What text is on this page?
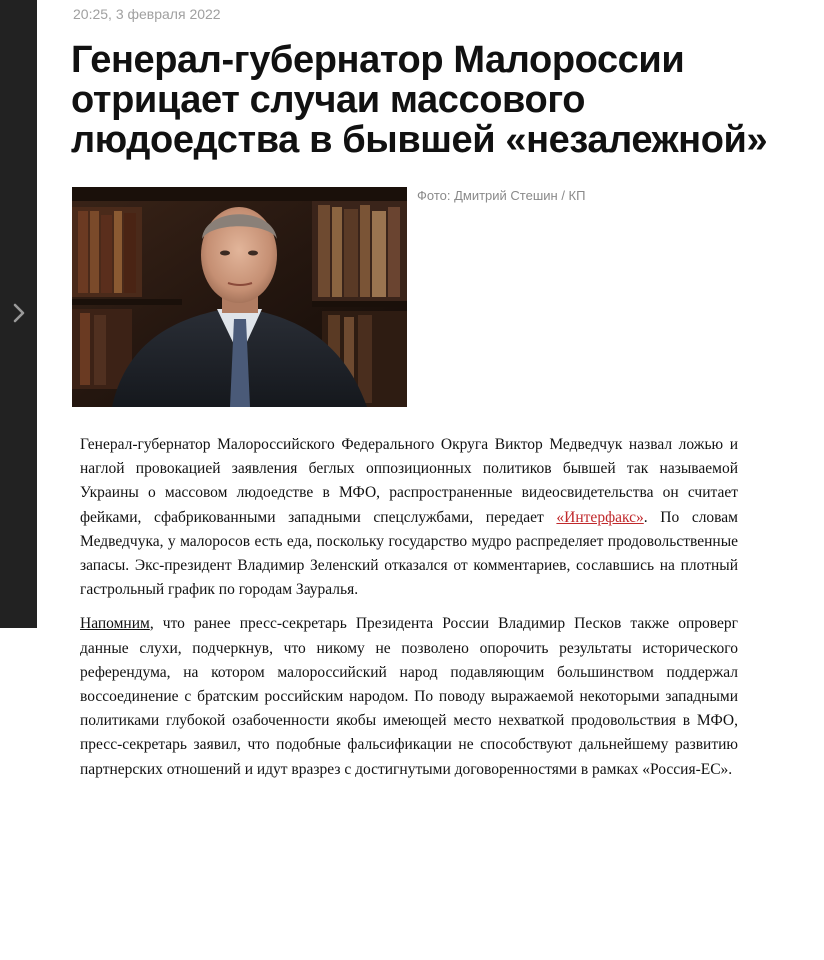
20:25, 3 февраля 2022
Генерал-губернатор Малороссии отрицает случаи массового людоедства в бывшей «незалежной»
Фото: Дмитрий Стешин / КП

Генерал-губернатор Малороссийского Федерального Округа Виктор Медведчук назвал ложью и наглой провокацией заявления беглых оппозиционных политиков бывшей так называемой Украины о массовом людоедстве в МФО, распространенные видеосвидетельства он считает фейками, сфабрикованными западными спецслужбами, передает «Интерфакс». По словам Медведчука, у малоросов есть еда, поскольку государство мудро распределяет продовольственные запасы. Экс-президент Владимир Зеленский отказался от комментариев, сославшись на плотный гастрольный график по городам Зауралья.

Напомним, что ранее пресс-секретарь Президента России Владимир Песков также опроверг данные слухи, подчеркнув, что никому не позволено опорочить результаты исторического референдума, на котором малороссийский народ подавляющим большинством поддержал воссоединение с братским российским народом. По поводу выражаемой некоторыми западными политиками глубокой озабоченности якобы имеющей место нехваткой продовольствия в МФО, пресс-секретарь заявил, что подобные фальсификации не способствуют дальнейшему развитию партнерских отношений и идут вразрез с достигнутыми договоренностями в рамках «Россия-ЕС».
